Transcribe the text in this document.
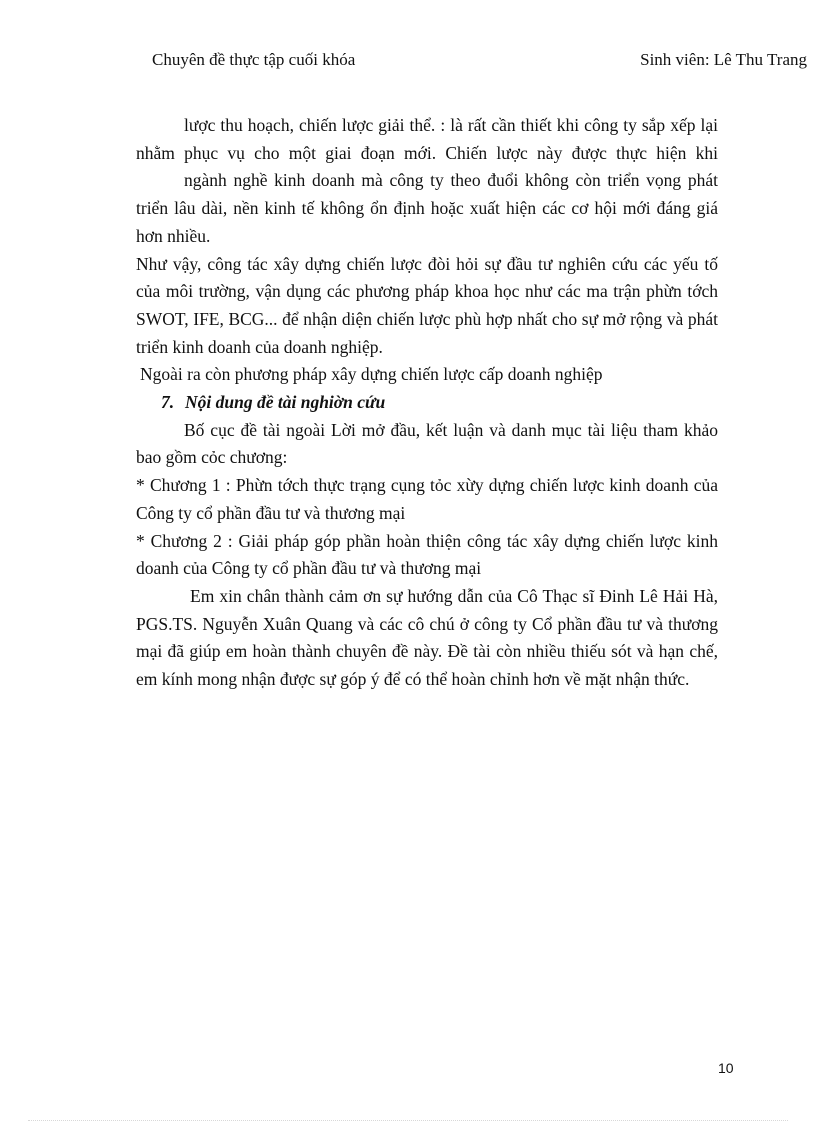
Chuyên đề thực tập cuối khóa	Sinh viên: Lê Thu Trang

lược thu hoạch, chiến lược giải thể. : là rất cần thiết khi công ty sắp xếp lại nhằm phục vụ cho một giai đoạn mới. Chiến lược này được thực hiện khi

ngành nghề kinh doanh mà công ty theo đuổi không còn triển vọng phát triển lâu dài, nền kinh tế không ổn định hoặc xuất hiện các cơ hội mới đáng giá hơn nhiều.

Như vậy, công tác xây dựng chiến lược đòi hỏi sự đầu tư nghiên cứu các yếu tố của môi trường, vận dụng các phương pháp khoa học như các ma trận phừn tớch SWOT, IFE, BCG... để nhận diện chiến lược phù hợp nhất cho sự mở rộng và phát triển kinh doanh của doanh nghiệp.

Ngoài ra còn phương pháp xây dựng chiến lược cấp doanh nghiệp

7. Nội dung đề tài nghiờn cứu

Bố cục đề tài ngoài Lời mở đầu, kết luận và danh mục tài liệu tham khảo bao gồm cỏc chương:

* Chương 1 : Phừn tớch thực trạng cụng tỏc xừy dựng chiến lược kinh doanh của Công ty cổ phần đầu tư và thương mại

* Chương 2 : Giải pháp góp phần hoàn thiện công tác xây dựng chiến lược kinh doanh của Công ty cổ phần đầu tư và thương mại

Em xin chân thành cảm ơn sự hướng dẫn của Cô Thạc sĩ Đinh Lê Hải Hà, PGS.TS. Nguyễn Xuân Quang và các cô chú ở công ty Cổ phần đầu tư và thương mại đã giúp em hoàn thành chuyên đề này. Đề tài còn nhiều thiếu sót và hạn chế, em kính mong nhận được sự góp ý để có thể hoàn chỉnh hơn về mặt nhận thức.

10
